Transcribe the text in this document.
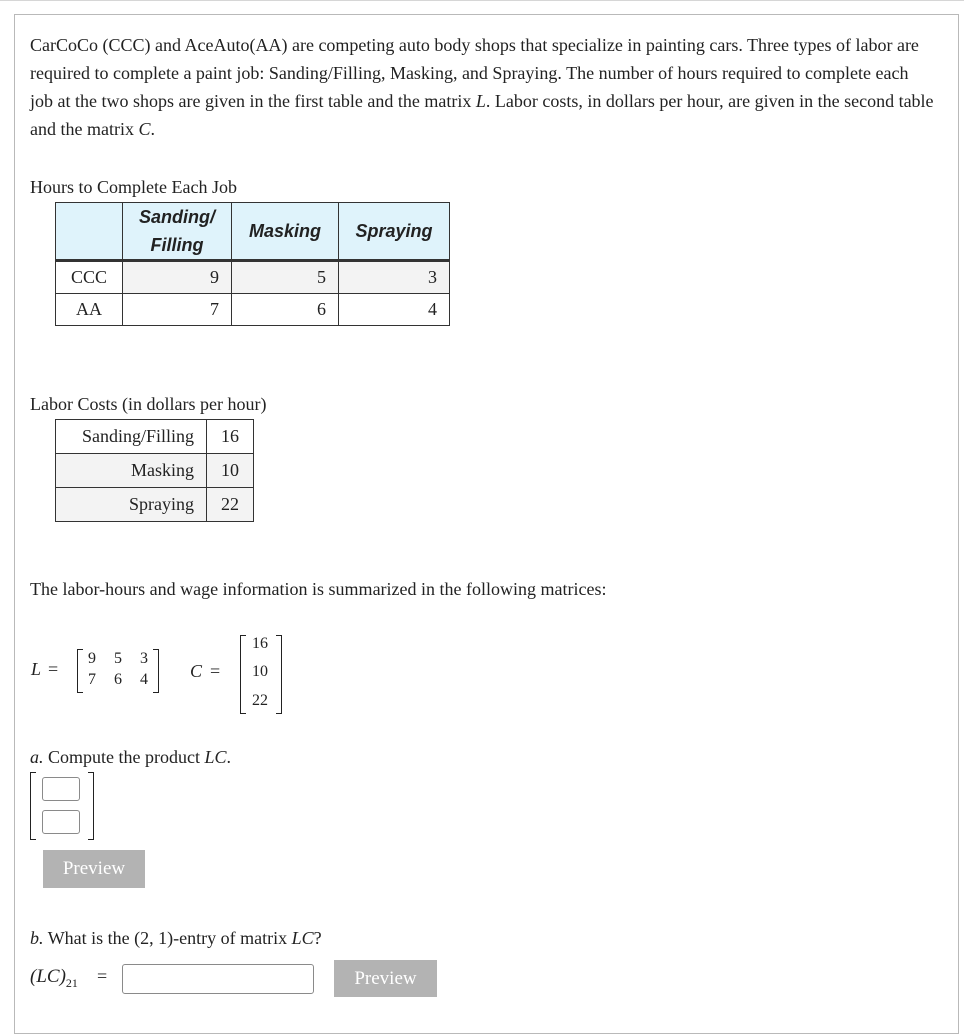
CarCoCo (CCC) and AceAuto(AA) are competing auto body shops that specialize in painting cars. Three types of labor are required to complete a paint job: Sanding/Filling, Masking, and Spraying. The number of hours required to complete each job at the two shops are given in the first table and the matrix L. Labor costs, in dollars per hour, are given in the second table and the matrix C.

Hours to Complete Each Job

	Sanding/
Filling	Masking	Spraying
CCC	9	5	3
AA	7	6	4

Labor Costs (in dollars per hour)

Sanding/Filling	16
Masking	10
Spraying	22

The labor-hours and wage information is summarized in the following matrices:

L =
9 5 3
7 6 4 C =
16
10
22

a. Compute the product LC.

Preview

b. What is the (2, 1)-entry of matrix LC?

$(LC)_{21}$ =	Preview
